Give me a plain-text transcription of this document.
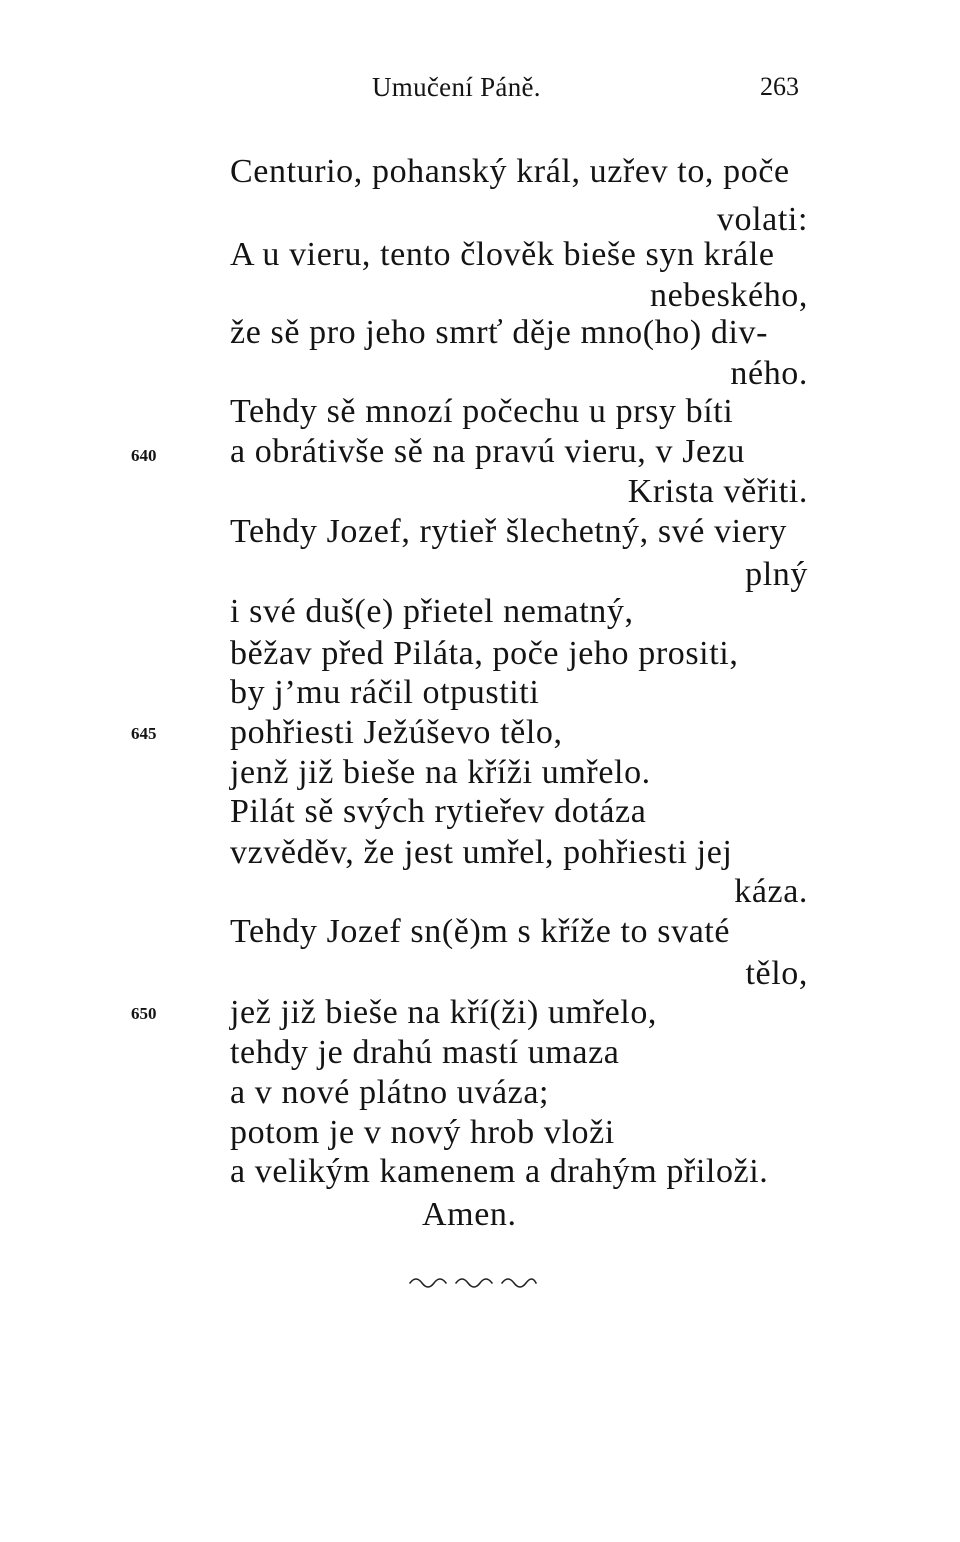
Umučení Páně.	263
Centurio, pohanský král, uzřev to, poče
volati:
A u vieru, tento člověk bieše syn krále
nebeského,
že sě pro jeho smrť děje mno(ho) div-
ného.
Tehdy sě mnozí počechu u prsy bíti
640 a obrátivše sě na pravú vieru, v Jezu
Krista věřiti.
Tehdy Jozef, rytieř šlechetný, své viery
plný
i své duš(e) přietel nematný,
běžav před Piláta, poče jeho prositi,
by j’mu ráčil otpustiti
645 pohřiesti Ježúševo tělo,
jenž již bieše na kříži umřelo.
Pilát sě svých rytieřev dotáza
vzvěděv, že jest umřel, pohřiesti jej
káza.
Tehdy Jozef sn(ě)m s kříže to svaté
tělo,
650 jež již bieše na kří(ži) umřelo,
tehdy je drahú mastí umaza
a v nové plátno uváza;
potom je v nový hrob vloži
a velikým kamenem a drahým přiloži.
Amen.
